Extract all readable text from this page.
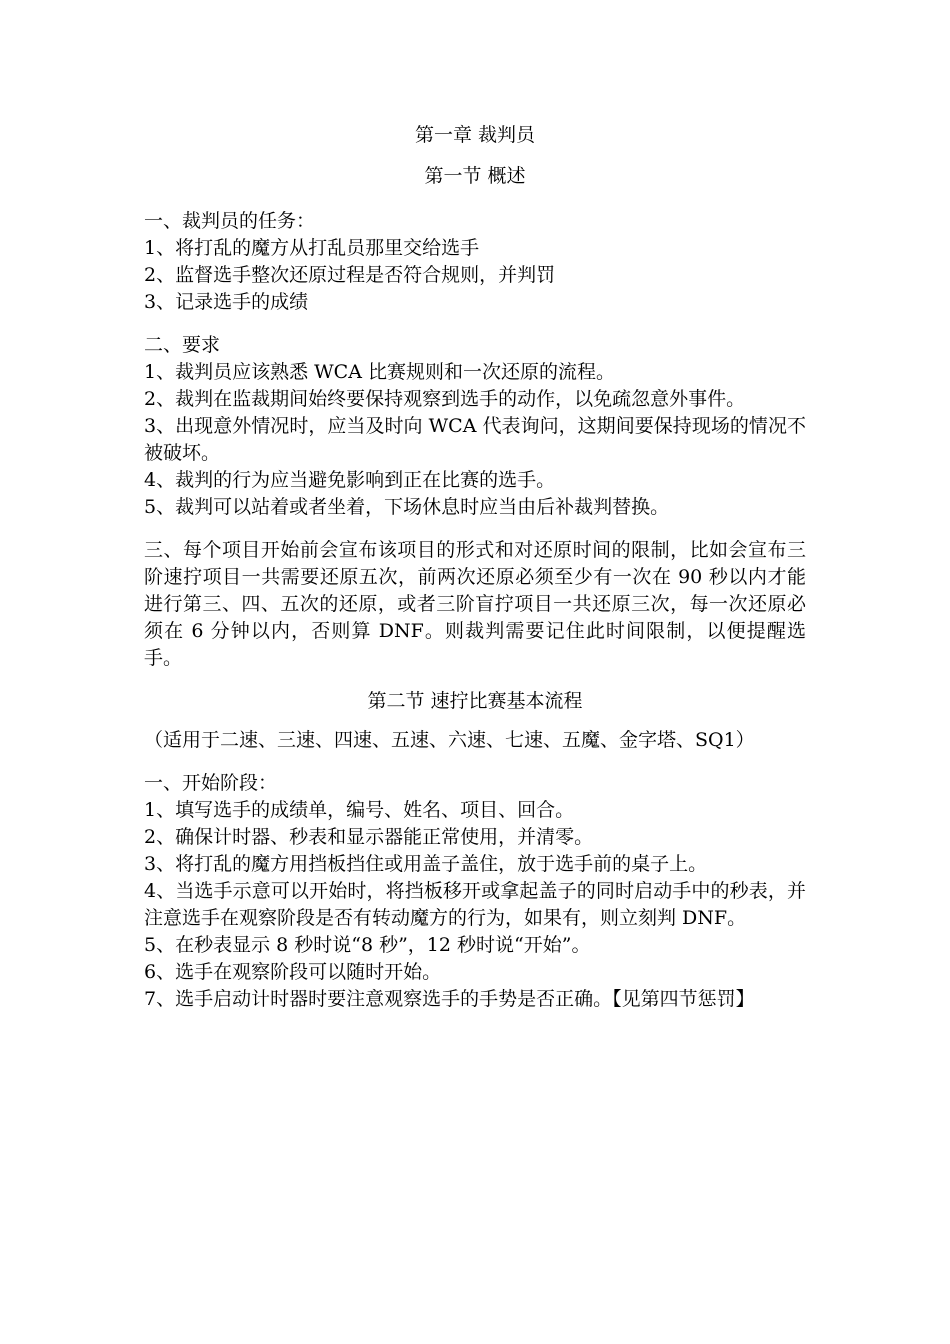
第一章 裁判员

第一节 概述

一、裁判员的任务：

1、将打乱的魔方从打乱员那里交给选手

2、监督选手整次还原过程是否符合规则，并判罚

3、记录选手的成绩

二、要求

1、裁判员应该熟悉 WCA 比赛规则和一次还原的流程。

2、裁判在监裁期间始终要保持观察到选手的动作，以免疏忽意外事件。

3、出现意外情况时，应当及时向 WCA 代表询问，这期间要保持现场的情况不被破坏。

4、裁判的行为应当避免影响到正在比赛的选手。

5、裁判可以站着或者坐着，下场休息时应当由后补裁判替换。

三、每个项目开始前会宣布该项目的形式和对还原时间的限制，比如会宣布三阶速拧项目一共需要还原五次，前两次还原必须至少有一次在 90 秒以内才能进行第三、四、五次的还原，或者三阶盲拧项目一共还原三次，每一次还原必须在 6 分钟以内，否则算 DNF。则裁判需要记住此时间限制，以便提醒选手。

第二节 速拧比赛基本流程

（适用于二速、三速、四速、五速、六速、七速、五魔、金字塔、SQ1）

一、开始阶段：

1、填写选手的成绩单，编号、姓名、项目、回合。

2、确保计时器、秒表和显示器能正常使用，并清零。

3、将打乱的魔方用挡板挡住或用盖子盖住，放于选手前的桌子上。

4、当选手示意可以开始时，将挡板移开或拿起盖子的同时启动手中的秒表，并注意选手在观察阶段是否有转动魔方的行为，如果有，则立刻判 DNF。

5、在秒表显示 8 秒时说“8 秒”，12 秒时说“开始”。

6、选手在观察阶段可以随时开始。

7、选手启动计时器时要注意观察选手的手势是否正确。【见第四节惩罚】
